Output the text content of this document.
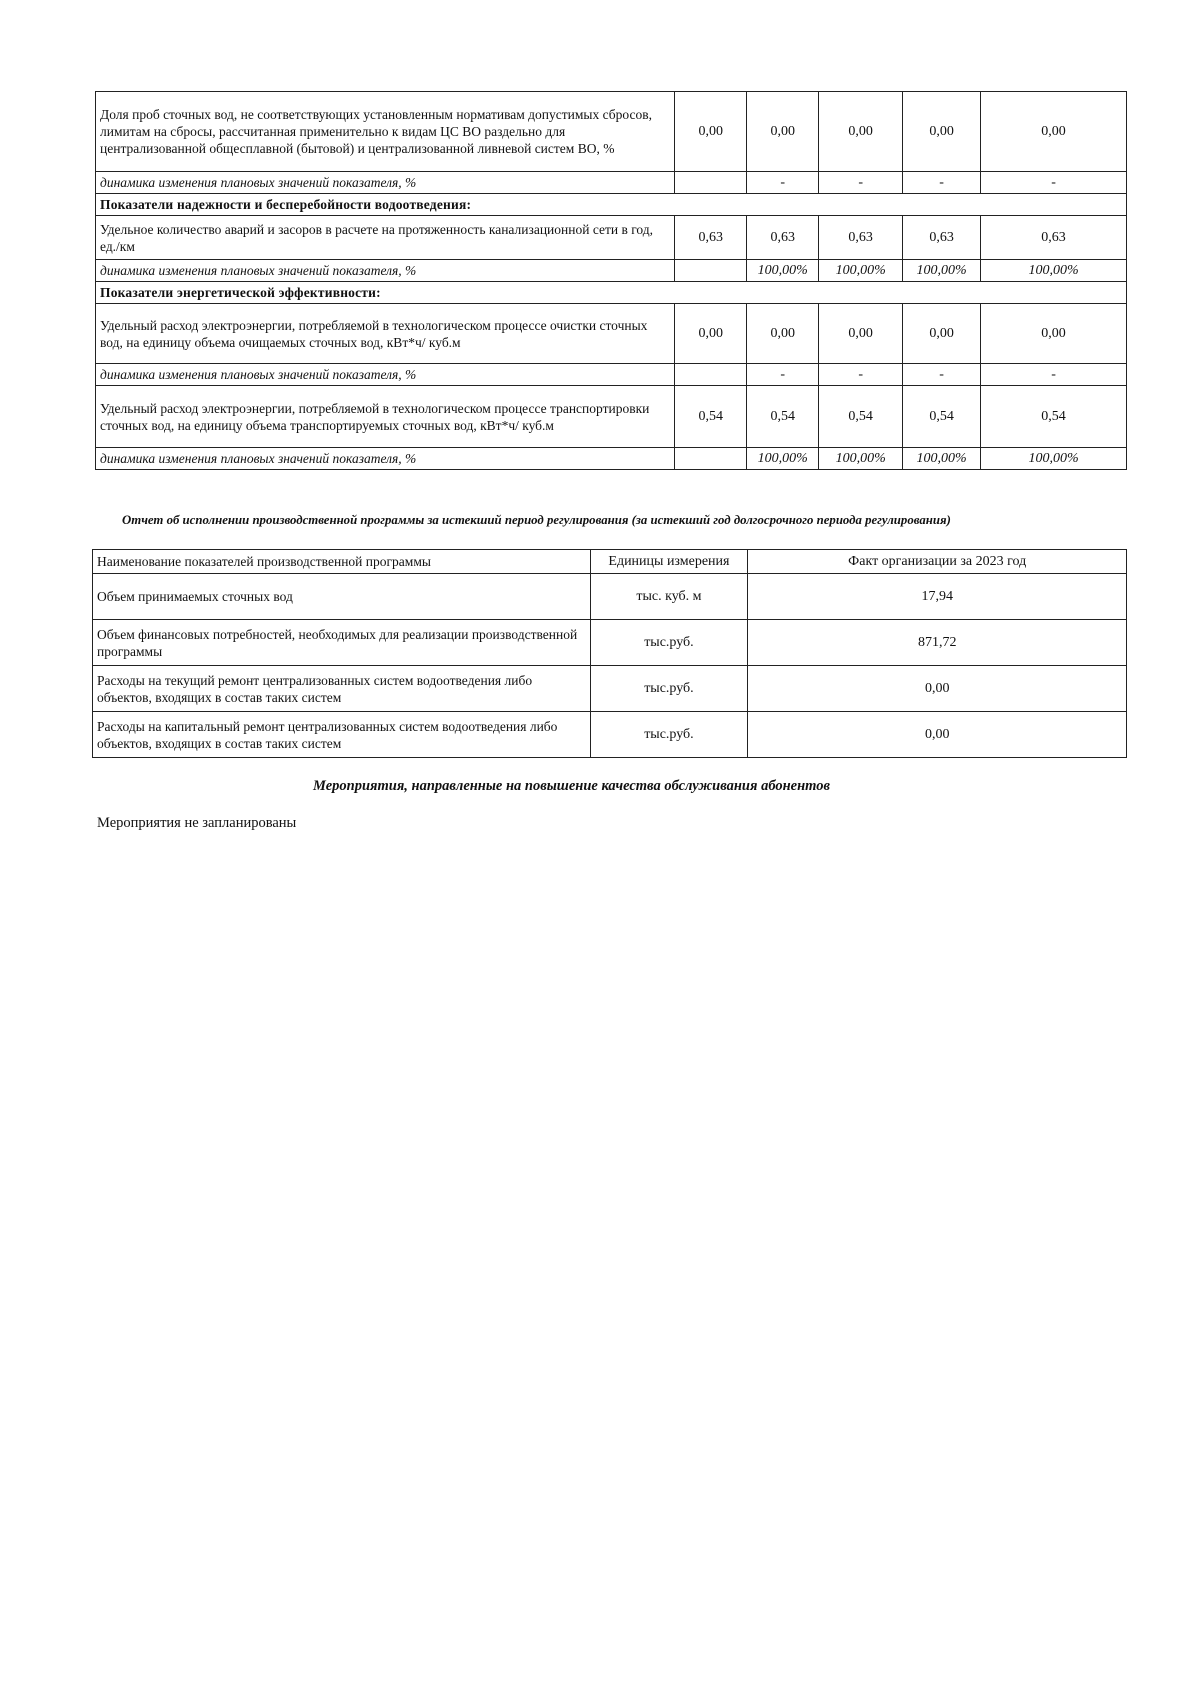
Доля проб сточных вод, не соответствующих установленным нормативам допустимых сбросов, лимитам на сбросы, рассчитанная применительно к видам ЦС ВО раздельно для централизованной общесплавной (бытовой) и централизованной ливневой систем ВО, %	0,00	0,00	0,00	0,00	0,00
динамика изменения плановых значений показателя, %		-	-	-	-
Показатели надежности и бесперебойности водоотведения:					
Удельное количество аварий и засоров в расчете на протяженность канализационной сети в год, ед./км	0,63	0,63	0,63	0,63	0,63
динамика изменения плановых значений показателя, %		100,00%	100,00%	100,00%	100,00%
Показатели энергетической эффективности:					
Удельный расход электроэнергии, потребляемой в технологическом процессе очистки сточных вод, на единицу объема очищаемых сточных вод, кВт*ч/ куб.м	0,00	0,00	0,00	0,00	0,00
динамика изменения плановых значений показателя, %		-	-	-	-
Удельный расход электроэнергии, потребляемой в технологическом процессе транспортировки сточных вод, на единицу объема транспортируемых сточных вод, кВт*ч/ куб.м	0,54	0,54	0,54	0,54	0,54
динамика изменения плановых значений показателя, %		100,00%	100,00%	100,00%	100,00%
Отчет об исполнении производственной программы за истекший период регулирования (за истекший год долгосрочного периода регулирования)
Наименование показателей производственной программы	Единицы измерения	Факт организации за 2023 год
Объем принимаемых сточных вод	тыс. куб. м	17,94
Объем финансовых потребностей, необходимых для реализации производственной программы	тыс.руб.	871,72
Расходы на текущий ремонт централизованных систем водоотведения либо объектов, входящих в состав таких систем	тыс.руб.	0,00
Расходы на капитальный ремонт централизованных систем водоотведения либо объектов, входящих в состав таких систем	тыс.руб.	0,00
Мероприятия, направленные на повышение качества обслуживания абонентов
Мероприятия не запланированы
